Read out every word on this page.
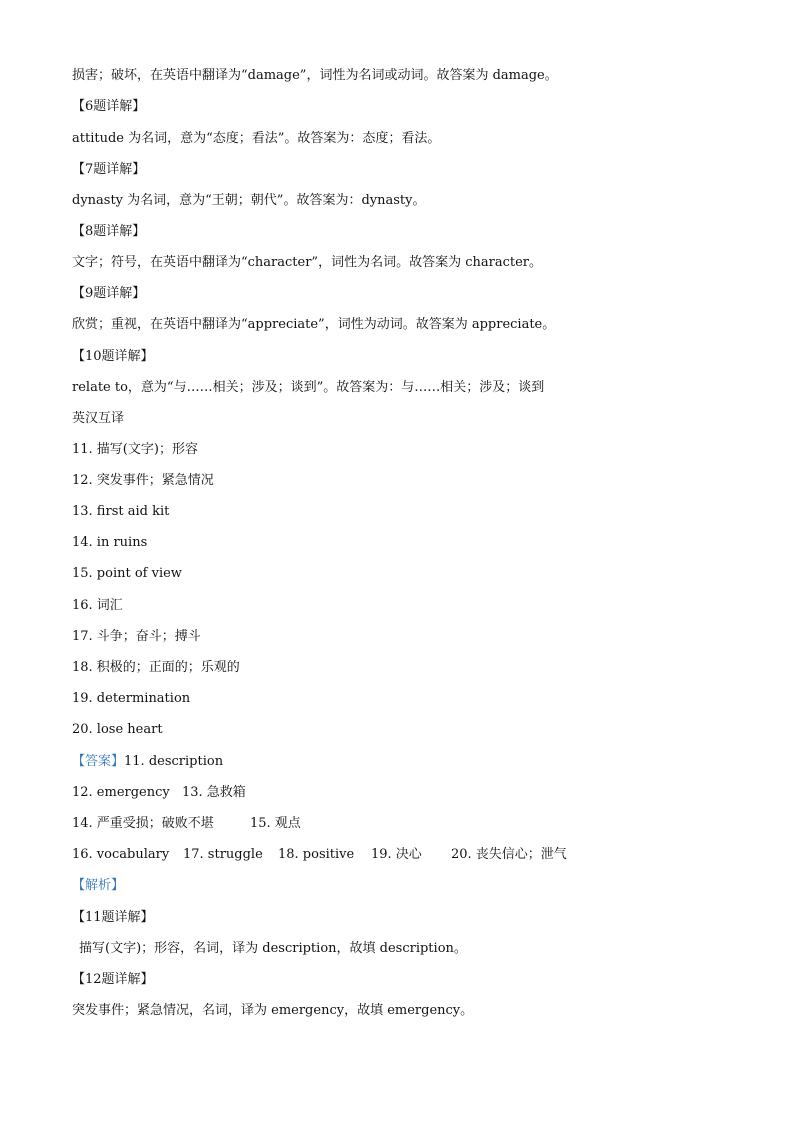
损害；破坏，在英语中翻译为“damage”，词性为名词或动词。故答案为 damage。
【6题详解】
attitude 为名词，意为“态度；看法”。故答案为：态度；看法。
【7题详解】
dynasty 为名词，意为“王朝；朝代”。故答案为：dynasty。
【8题详解】
文字；符号，在英语中翻译为“character”，词性为名词。故答案为 character。
【9题详解】
欣赏；重视，在英语中翻译为“appreciate”，词性为动词。故答案为 appreciate。
【10题详解】
relate to，意为“与……相关；涉及；谈到”。故答案为：与……相关；涉及；谈到
英汉互译
11. 描写(文字)；形容
12. 突发事件；紧急情况
13. first aid kit
14. in ruins
15. point of view
16. 词汇
17. 斗争；奋斗；搏斗
18. 积极的；正面的；乐观的
19. determination
20. lose heart
【答案】11. description
12. emergency 13. 急救箱
14. 严重受损；破败不堪	15. 观点
16. vocabulary 17. struggle 18. positive 19. 决心 20. 丧失信心；泄气
【解析】
【11题详解】
描写(文字)；形容，名词，译为 description，故填 description。
【12题详解】
突发事件；紧急情况，名词，译为 emergency，故填 emergency。
